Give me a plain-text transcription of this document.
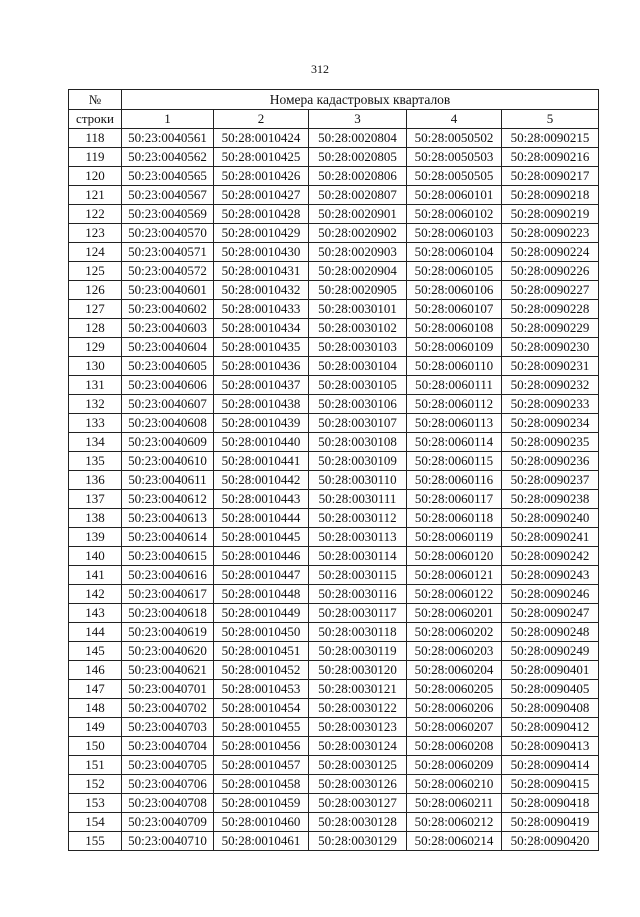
312
№	Номера кадастровых кварталов				
строки	1	2	3	4	5
118	50:23:0040561	50:28:0010424	50:28:0020804	50:28:0050502	50:28:0090215
119	50:23:0040562	50:28:0010425	50:28:0020805	50:28:0050503	50:28:0090216
120	50:23:0040565	50:28:0010426	50:28:0020806	50:28:0050505	50:28:0090217
121	50:23:0040567	50:28:0010427	50:28:0020807	50:28:0060101	50:28:0090218
122	50:23:0040569	50:28:0010428	50:28:0020901	50:28:0060102	50:28:0090219
123	50:23:0040570	50:28:0010429	50:28:0020902	50:28:0060103	50:28:0090223
124	50:23:0040571	50:28:0010430	50:28:0020903	50:28:0060104	50:28:0090224
125	50:23:0040572	50:28:0010431	50:28:0020904	50:28:0060105	50:28:0090226
126	50:23:0040601	50:28:0010432	50:28:0020905	50:28:0060106	50:28:0090227
127	50:23:0040602	50:28:0010433	50:28:0030101	50:28:0060107	50:28:0090228
128	50:23:0040603	50:28:0010434	50:28:0030102	50:28:0060108	50:28:0090229
129	50:23:0040604	50:28:0010435	50:28:0030103	50:28:0060109	50:28:0090230
130	50:23:0040605	50:28:0010436	50:28:0030104	50:28:0060110	50:28:0090231
131	50:23:0040606	50:28:0010437	50:28:0030105	50:28:0060111	50:28:0090232
132	50:23:0040607	50:28:0010438	50:28:0030106	50:28:0060112	50:28:0090233
133	50:23:0040608	50:28:0010439	50:28:0030107	50:28:0060113	50:28:0090234
134	50:23:0040609	50:28:0010440	50:28:0030108	50:28:0060114	50:28:0090235
135	50:23:0040610	50:28:0010441	50:28:0030109	50:28:0060115	50:28:0090236
136	50:23:0040611	50:28:0010442	50:28:0030110	50:28:0060116	50:28:0090237
137	50:23:0040612	50:28:0010443	50:28:0030111	50:28:0060117	50:28:0090238
138	50:23:0040613	50:28:0010444	50:28:0030112	50:28:0060118	50:28:0090240
139	50:23:0040614	50:28:0010445	50:28:0030113	50:28:0060119	50:28:0090241
140	50:23:0040615	50:28:0010446	50:28:0030114	50:28:0060120	50:28:0090242
141	50:23:0040616	50:28:0010447	50:28:0030115	50:28:0060121	50:28:0090243
142	50:23:0040617	50:28:0010448	50:28:0030116	50:28:0060122	50:28:0090246
143	50:23:0040618	50:28:0010449	50:28:0030117	50:28:0060201	50:28:0090247
144	50:23:0040619	50:28:0010450	50:28:0030118	50:28:0060202	50:28:0090248
145	50:23:0040620	50:28:0010451	50:28:0030119	50:28:0060203	50:28:0090249
146	50:23:0040621	50:28:0010452	50:28:0030120	50:28:0060204	50:28:0090401
147	50:23:0040701	50:28:0010453	50:28:0030121	50:28:0060205	50:28:0090405
148	50:23:0040702	50:28:0010454	50:28:0030122	50:28:0060206	50:28:0090408
149	50:23:0040703	50:28:0010455	50:28:0030123	50:28:0060207	50:28:0090412
150	50:23:0040704	50:28:0010456	50:28:0030124	50:28:0060208	50:28:0090413
151	50:23:0040705	50:28:0010457	50:28:0030125	50:28:0060209	50:28:0090414
152	50:23:0040706	50:28:0010458	50:28:0030126	50:28:0060210	50:28:0090415
153	50:23:0040708	50:28:0010459	50:28:0030127	50:28:0060211	50:28:0090418
154	50:23:0040709	50:28:0010460	50:28:0030128	50:28:0060212	50:28:0090419
155	50:23:0040710	50:28:0010461	50:28:0030129	50:28:0060214	50:28:0090420
